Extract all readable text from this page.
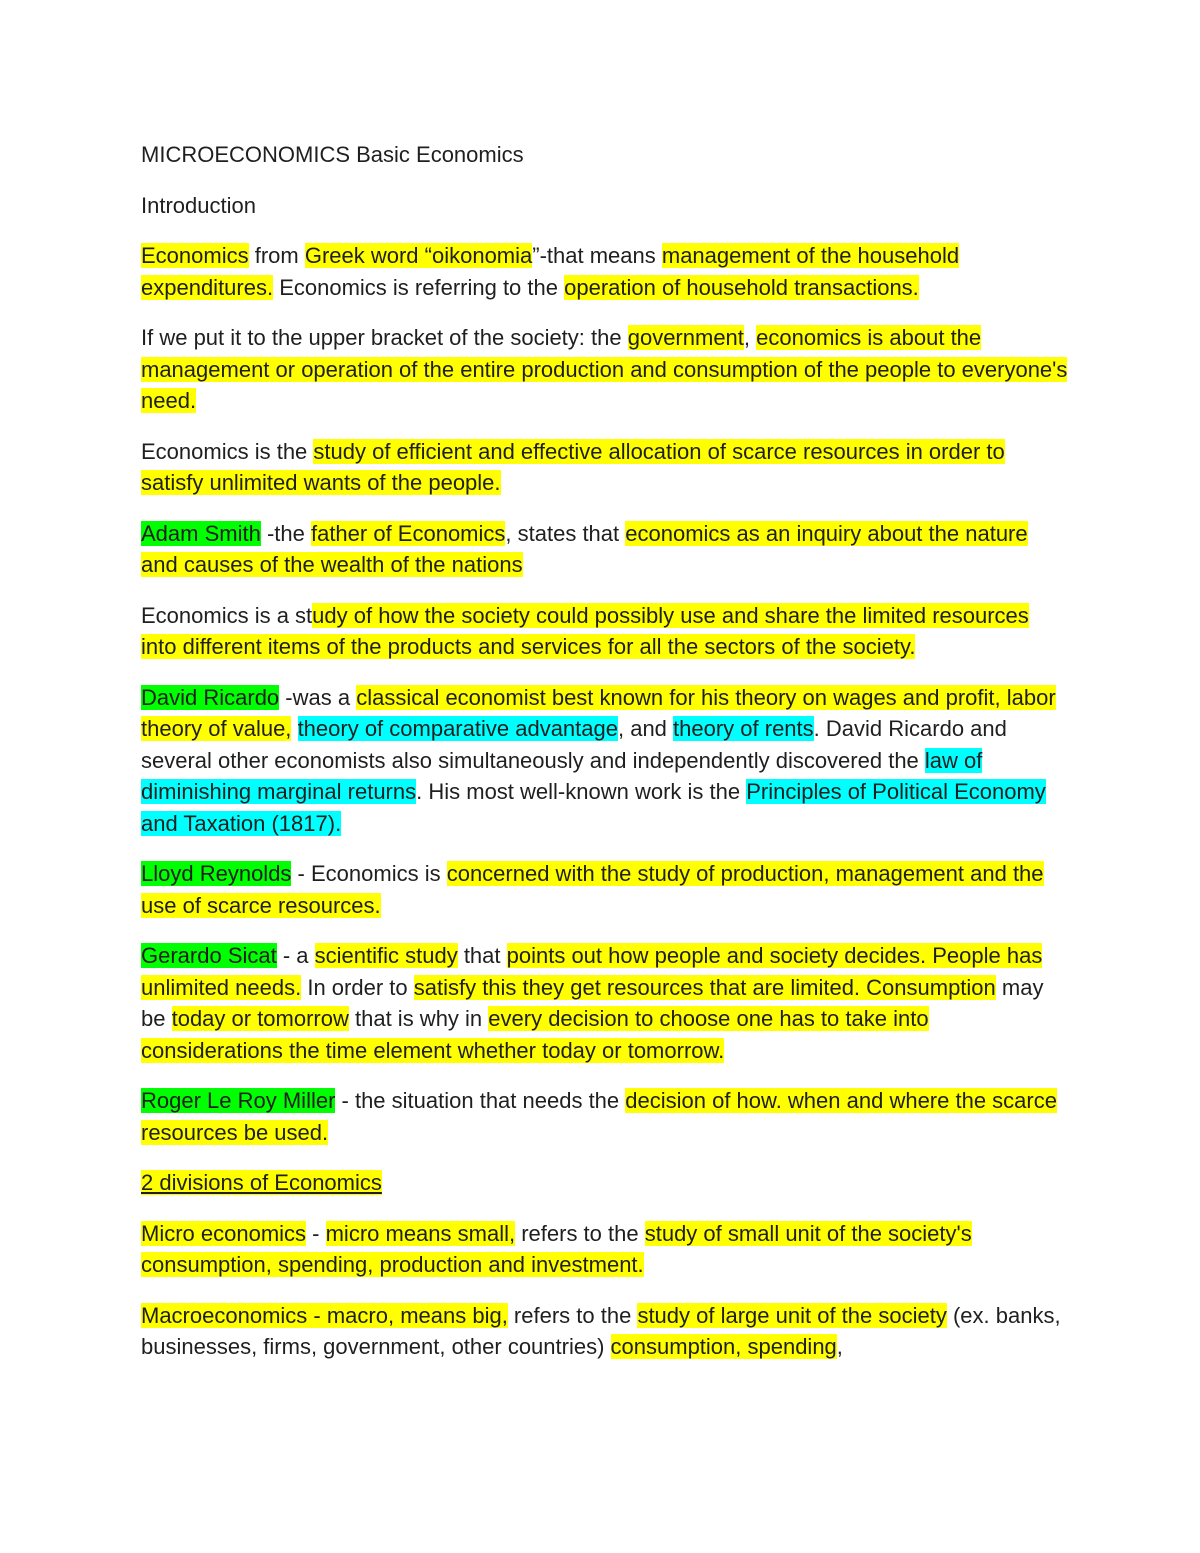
MICROECONOMICS Basic Economics

Introduction

Economics from Greek word “oikonomia”-that means management of the household expenditures. Economics is referring to the operation of household transactions.

If we put it to the upper bracket of the society: the government, economics is about the management or operation of the entire production and consumption of the people to everyone's need.

Economics is the study of efficient and effective allocation of scarce resources in order to satisfy unlimited wants of the people.

Adam Smith -the father of Economics, states that economics as an inquiry about the nature and causes of the wealth of the nations

Economics is a study of how the society could possibly use and share the limited resources into different items of the products and services for all the sectors of the society.

David Ricardo -was a classical economist best known for his theory on wages and profit, labor theory of value, theory of comparative advantage, and theory of rents. David Ricardo and several other economists also simultaneously and independently discovered the law of diminishing marginal returns. His most well-known work is the Principles of Political Economy and Taxation (1817).

Lloyd Reynolds - Economics is concerned with the study of production, management and the use of scarce resources.

Gerardo Sicat - a scientific study that points out how people and society decides. People has unlimited needs. In order to satisfy this they get resources that are limited. Consumption may be today or tomorrow that is why in every decision to choose one has to take into considerations the time element whether today or tomorrow.

Roger Le Roy Miller - the situation that needs the decision of how. when and where the scarce resources be used.

2 divisions of Economics

Micro economics - micro means small, refers to the study of small unit of the society's consumption, spending, production and investment.

Macroeconomics - macro, means big, refers to the study of large unit of the society (ex. banks, businesses, firms, government, other countries) consumption, spending,
